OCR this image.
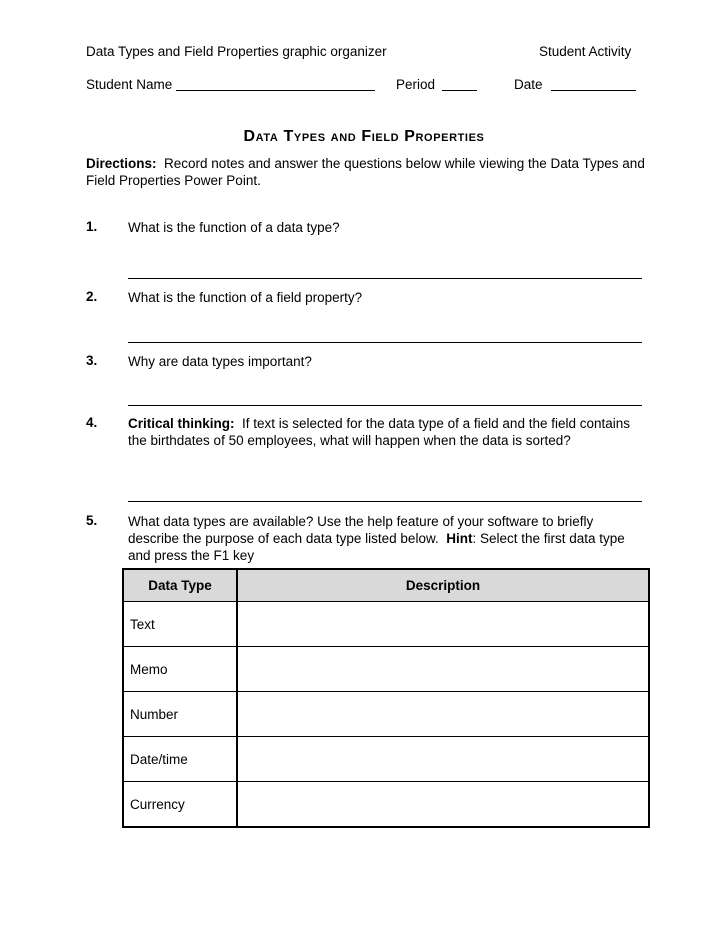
Data Types and Field Properties graphic organizer	Student Activity
Student Name	Period	Date
Data Types and Field Properties
Directions: Record notes and answer the questions below while viewing the Data Types and Field Properties Power Point.
1. What is the function of a data type?
2. What is the function of a field property?
3. Why are data types important?
4. Critical thinking: If text is selected for the data type of a field and the field contains the birthdates of 50 employees, what will happen when the data is sorted?
5. What data types are available? Use the help feature of your software to briefly describe the purpose of each data type listed below. Hint: Select the first data type and press the F1 key
Data Type	Description
Text	
Memo	
Number	
Date/time	
Currency	
